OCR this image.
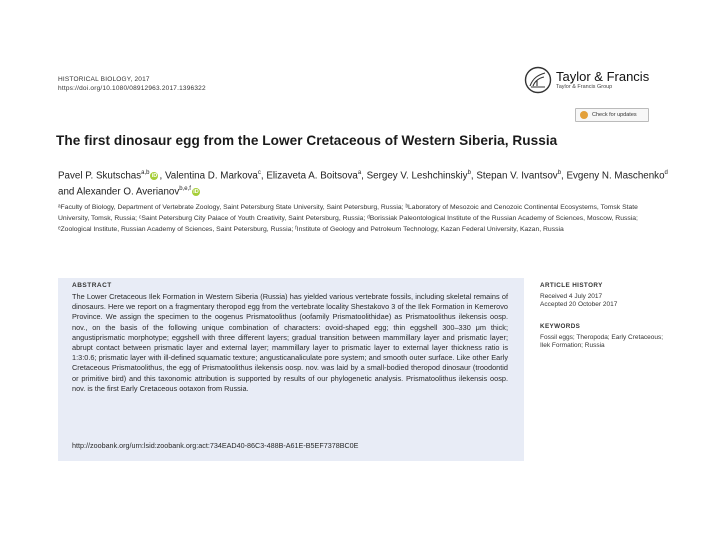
HISTORICAL BIOLOGY, 2017
https://doi.org/10.1080/08912963.2017.1396322
Taylor & Francis
Taylor & Francis Group
Check for updates
The first dinosaur egg from the Lower Cretaceous of Western Siberia, Russia
Pavel P. Skutschas$^{a,b}$iD , Valentina D. Markova$^c$, Elizaveta A. Boitsova$^a$, Sergey V. Leshchinskiy$^b$, Stepan V. Ivantsov$^b$, Evgeny N. Maschenko$^d$ and Alexander O. Averianov$^{b,e,f}$iD
ᵃFaculty of Biology, Department of Vertebrate Zoology, Saint Petersburg State University, Saint Petersburg, Russia; ᵇLaboratory of Mesozoic and Cenozoic Continental Ecosystems, Tomsk State University, Tomsk, Russia; ᶜSaint Petersburg City Palace of Youth Creativity, Saint Petersburg, Russia; ᵈBorissiak Paleontological Institute of the Russian Academy of Sciences, Moscow, Russia; ᵉZoological Institute, Russian Academy of Sciences, Saint Petersburg, Russia; ᶠInstitute of Geology and Petroleum Technology, Kazan Federal University, Kazan, Russia
ABSTRACT
The Lower Cretaceous Ilek Formation in Western Siberia (Russia) has yielded various vertebrate fossils, including skeletal remains of dinosaurs. Here we report on a fragmentary theropod egg from the vertebrate locality Shestakovo 3 of the Ilek Formation in Kemerovo Province. We assign the specimen to the oogenus Prismatoolithus (oofamily Prismatoolithidae) as Prismatoolithus ilekensis oosp. nov., on the basis of the following unique combination of characters: ovoid-shaped egg; thin eggshell 300–330 μm thick; angustiprismatic morphotype; eggshell with three different layers; gradual transition between mammillary layer and prismatic layer; abrupt contact between prismatic layer and external layer; mammillary layer to prismatic layer to external layer thickness ratio is 1:3:0.6; prismatic layer with ill-defined squamatic texture; angusticanaliculate pore system; and smooth outer surface. Like other Early Cretaceous Prismatoolithus, the egg of Prismatoolithus ilekensis oosp. nov. was laid by a small-bodied theropod dinosaur (troodontid or primitive bird) and this taxonomic attribution is supported by results of our phylogenetic analysis. Prismatoolithus ilekensis oosp. nov. is the first Early Cretaceous ootaxon from Russia.
http://zoobank.org/urn:lsid:zoobank.org:act:734EAD40-86C3-488B-A61E-B5EF7378BC0E
ARTICLE HISTORY
Received 4 July 2017
Accepted 20 October 2017
KEYWORDS
Fossil eggs; Theropoda; Early Cretaceous; Ilek Formation; Russia
